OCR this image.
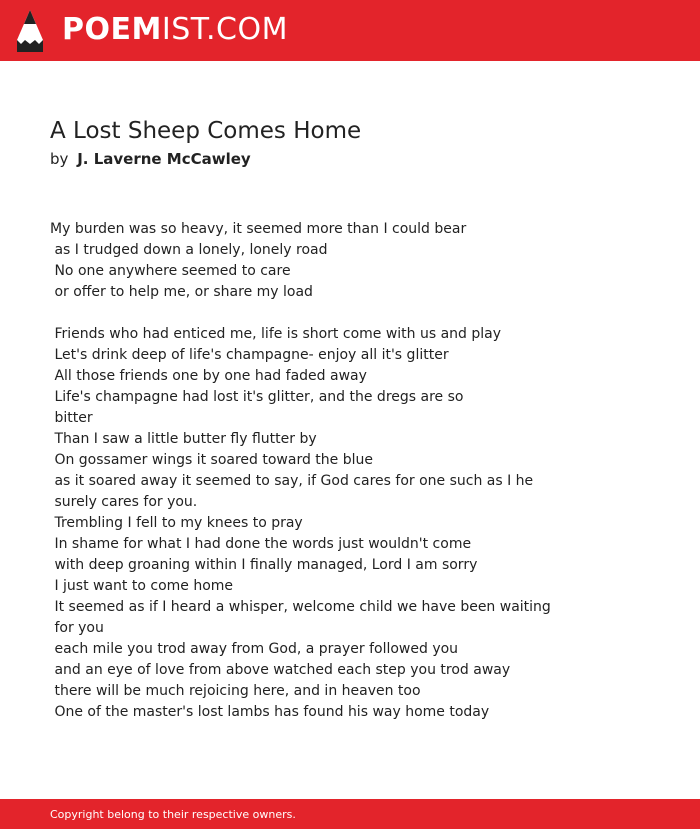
POEMIST.COM
A Lost Sheep Comes Home
by J. Laverne McCawley
My burden was so heavy, it seemed more than I could bear
as I trudged down a lonely, lonely road
No one anywhere seemed to care
or offer to help me, or share my load
Friends who had enticed me, life is short come with us and play
Let's drink deep of life's champagne- enjoy all it's glitter
All those friends one by one had faded away
Life's champagne had lost it's glitter, and the dregs are so
bitter
Than I saw a little butter fly flutter by
On gossamer wings it soared toward the blue
as it soared away it seemed to say, if God cares for one such as I he
surely cares for you.
Trembling I fell to my knees to pray
In shame for what I had done the words just wouldn't come
with deep groaning within I finally managed, Lord I am sorry
I just want to come home
It seemed as if I heard a whisper, welcome child we have been waiting
for you
each mile you trod away from God, a prayer followed you
and an eye of love from above watched each step you trod away
there will be much rejoicing here, and in heaven too
One of the master's lost lambs has found his way home today
Copyright belong to their respective owners.
